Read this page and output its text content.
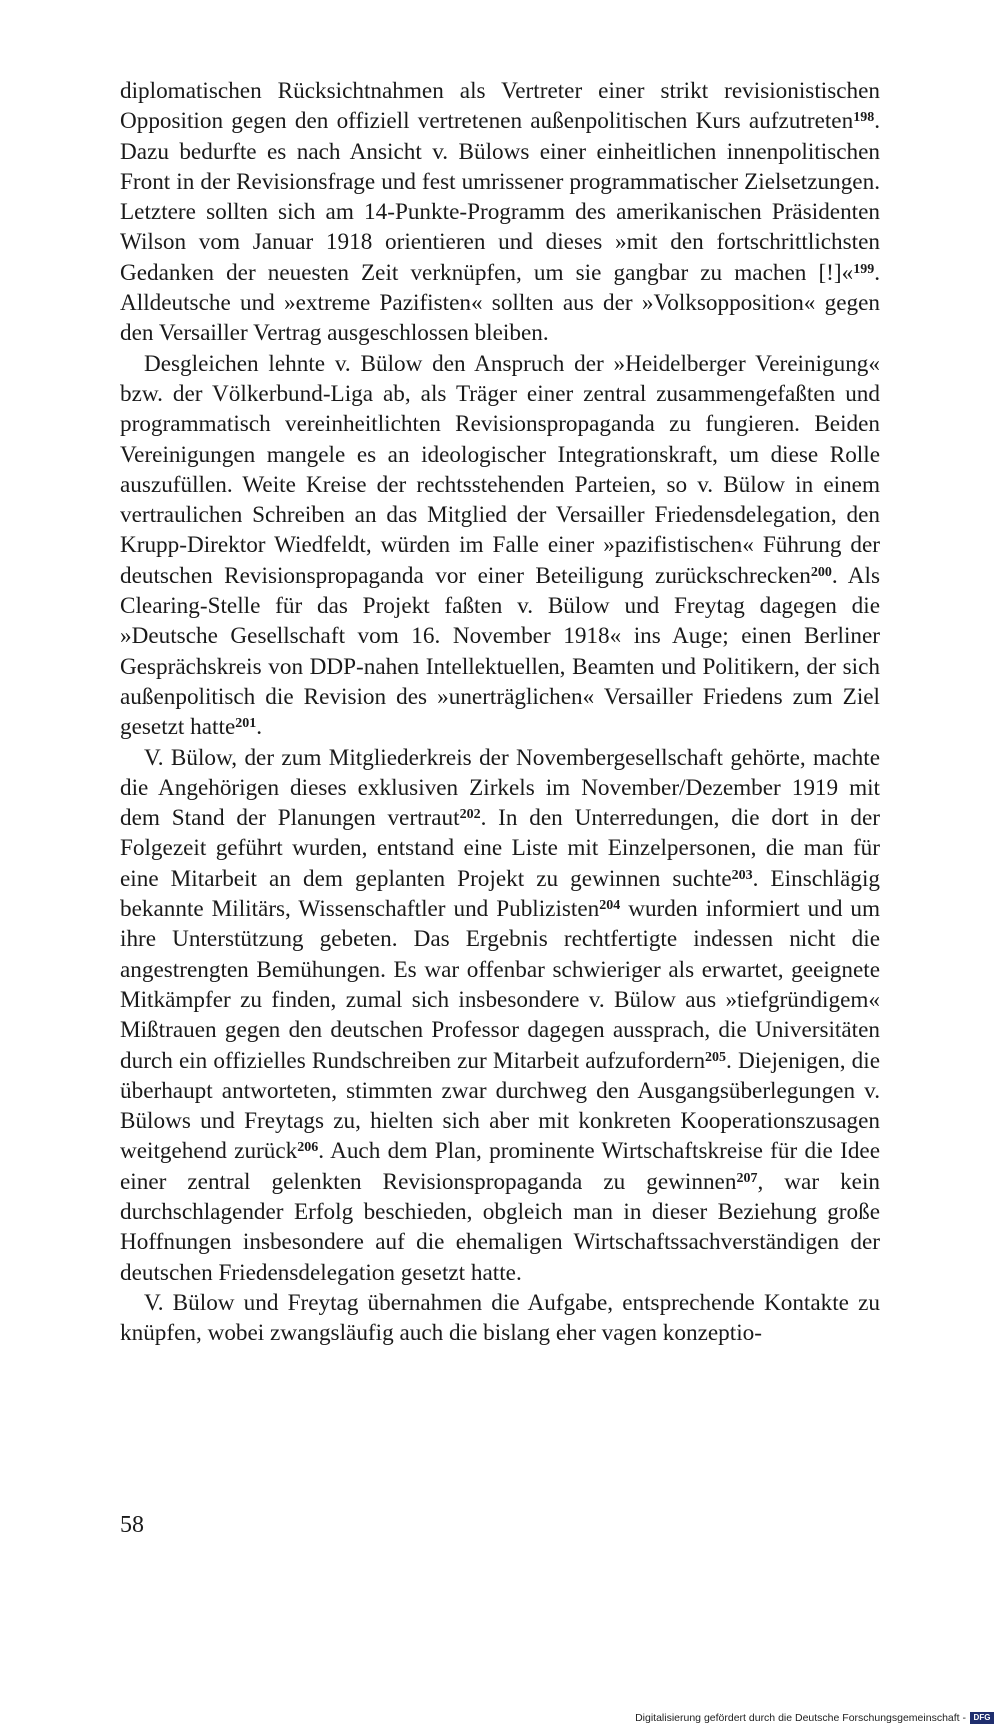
diplomatischen Rücksichtnahmen als Vertreter einer strikt revisionistischen Opposition gegen den offiziell vertretenen außenpolitischen Kurs aufzutreten$^{198}$. Dazu bedurfte es nach Ansicht v. Bülows einer einheitlichen innenpolitischen Front in der Revisionsfrage und fest umrissener programmatischer Zielsetzungen. Letztere sollten sich am 14-Punkte-Programm des amerikanischen Präsidenten Wilson vom Januar 1918 orientieren und dieses »mit den fortschrittlichsten Gedanken der neuesten Zeit verknüpfen, um sie gangbar zu machen [!]«$^{199}$. Alldeutsche und »extreme Pazifisten« sollten aus der »Volksopposition« gegen den Versailler Vertrag ausgeschlossen bleiben.

Desgleichen lehnte v. Bülow den Anspruch der »Heidelberger Vereinigung« bzw. der Völkerbund-Liga ab, als Träger einer zentral zusammengefaßten und programmatisch vereinheitlichten Revisionspropaganda zu fungieren. Beiden Vereinigungen mangele es an ideologischer Integrationskraft, um diese Rolle auszufüllen. Weite Kreise der rechtsstehenden Parteien, so v. Bülow in einem vertraulichen Schreiben an das Mitglied der Versailler Friedensdelegation, den Krupp-Direktor Wiedfeldt, würden im Falle einer »pazifistischen« Führung der deutschen Revisionspropaganda vor einer Beteiligung zurückschrecken$^{200}$. Als Clearing-Stelle für das Projekt faßten v. Bülow und Freytag dagegen die »Deutsche Gesellschaft vom 16. November 1918« ins Auge; einen Berliner Gesprächskreis von DDP-nahen Intellektuellen, Beamten und Politikern, der sich außenpolitisch die Revision des »unerträglichen« Versailler Friedens zum Ziel gesetzt hatte$^{201}$.

V. Bülow, der zum Mitgliederkreis der Novembergesellschaft gehörte, machte die Angehörigen dieses exklusiven Zirkels im November/Dezember 1919 mit dem Stand der Planungen vertraut$^{202}$. In den Unterredungen, die dort in der Folgezeit geführt wurden, entstand eine Liste mit Einzelpersonen, die man für eine Mitarbeit an dem geplanten Projekt zu gewinnen suchte$^{203}$. Einschlägig bekannte Militärs, Wissenschaftler und Publizisten$^{204}$ wurden informiert und um ihre Unterstützung gebeten. Das Ergebnis rechtfertigte indessen nicht die angestrengten Bemühungen. Es war offenbar schwieriger als erwartet, geeignete Mitkämpfer zu finden, zumal sich insbesondere v. Bülow aus »tiefgründigem« Mißtrauen gegen den deutschen Professor dagegen aussprach, die Universitäten durch ein offizielles Rundschreiben zur Mitarbeit aufzufordern$^{205}$. Diejenigen, die überhaupt antworteten, stimmten zwar durchweg den Ausgangsüberlegungen v. Bülows und Freytags zu, hielten sich aber mit konkreten Kooperationszusagen weitgehend zurück$^{206}$. Auch dem Plan, prominente Wirtschaftskreise für die Idee einer zentral gelenkten Revisionspropaganda zu gewinnen$^{207}$, war kein durchschlagender Erfolg beschieden, obgleich man in dieser Beziehung große Hoffnungen insbesondere auf die ehemaligen Wirtschaftssachverständigen der deutschen Friedensdelegation gesetzt hatte.

V. Bülow und Freytag übernahmen die Aufgabe, entsprechende Kontakte zu knüpfen, wobei zwangsläufig auch die bislang eher vagen konzeptio-

58
Digitalisierung gefördert durch die Deutsche Forschungsgemeinschaft - DFG
